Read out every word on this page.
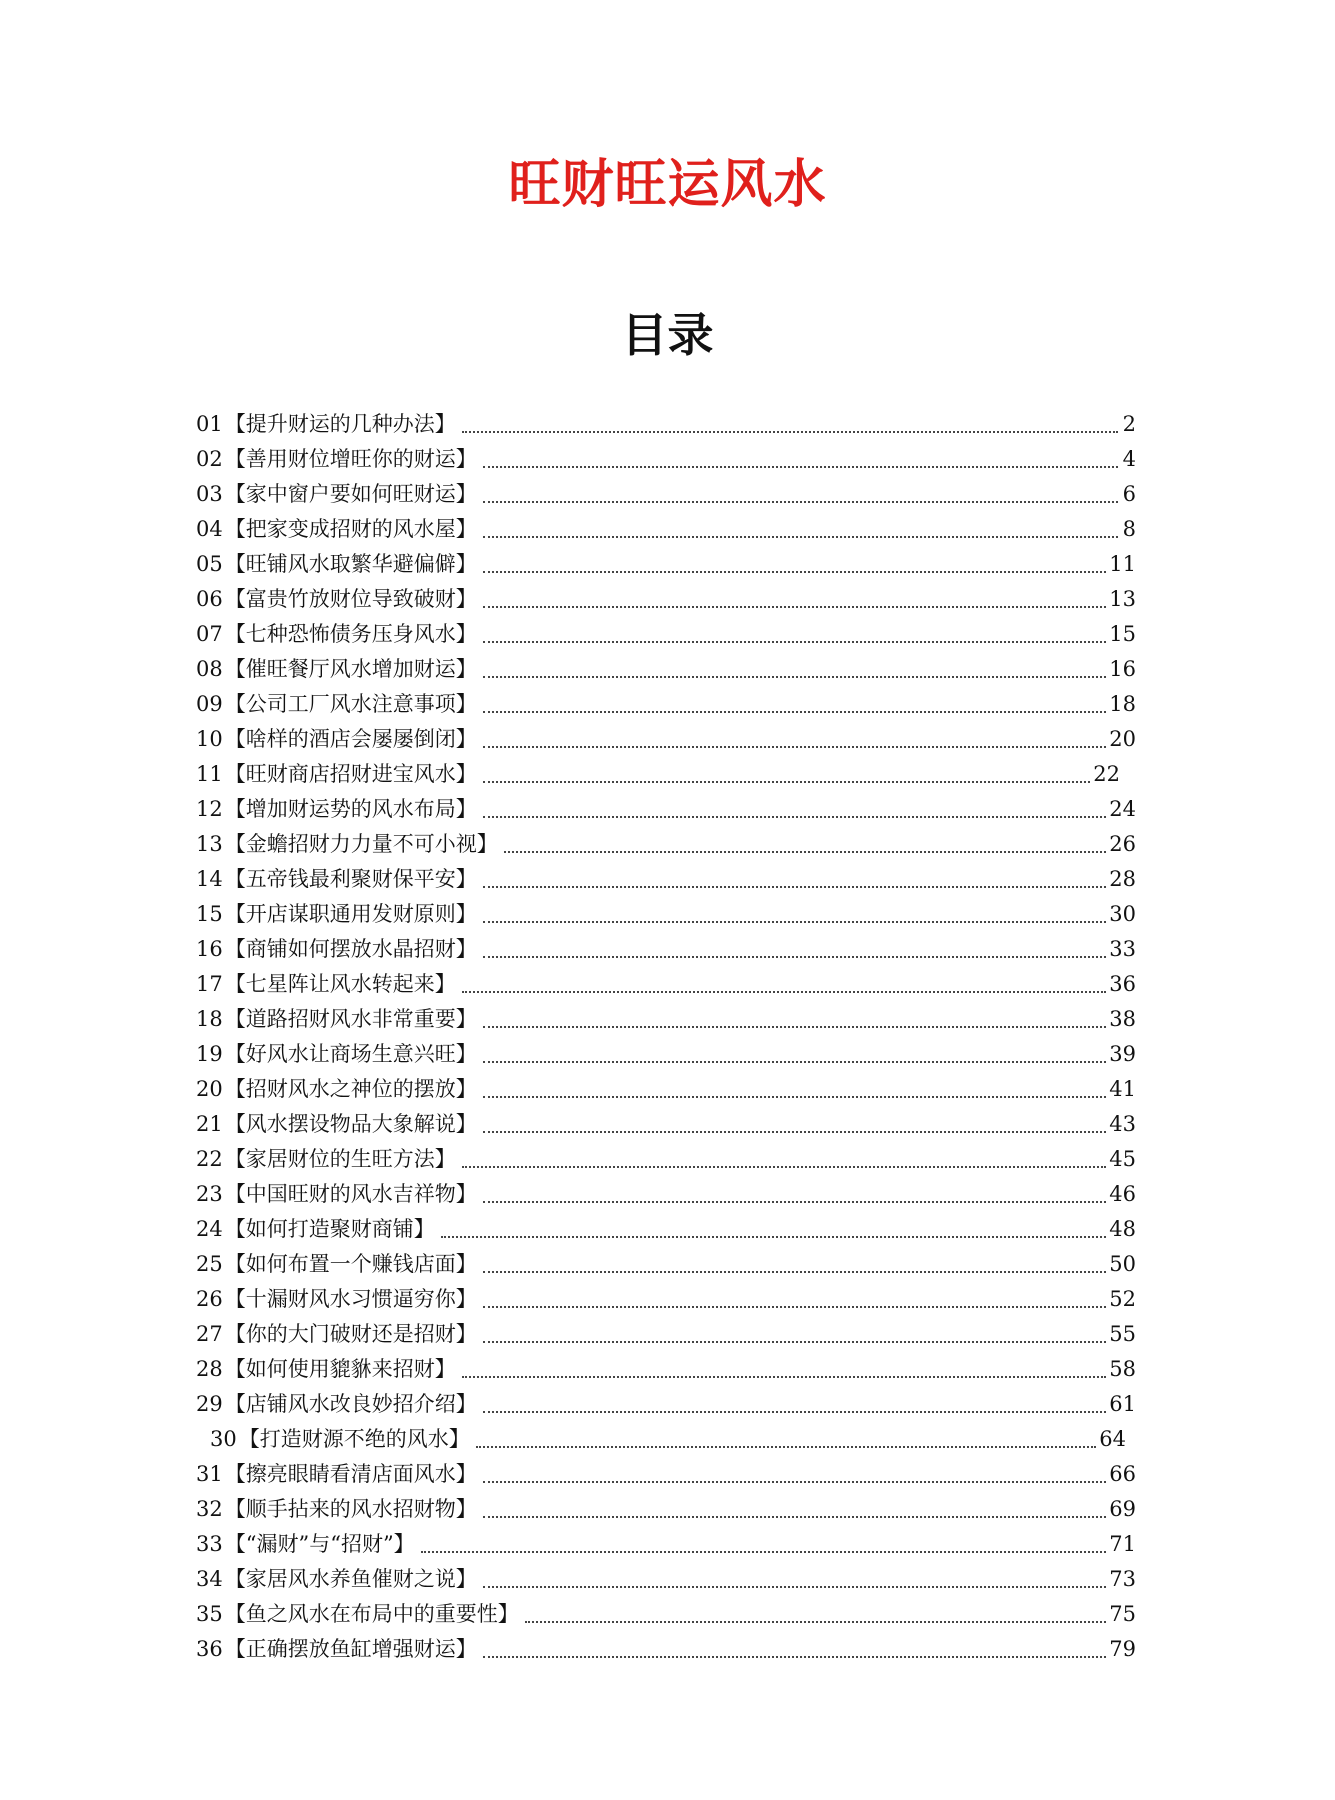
旺财旺运风水
目录
01 【提升财运的几种办法】	2
02 【善用财位增旺你的财运】	4
03 【家中窗户要如何旺财运】	6
04 【把家变成招财的风水屋】	8
05 【旺铺风水取繁华避偏僻】	11
06 【富贵竹放财位导致破财】	13
07 【七种恐怖债务压身风水】	15
08 【催旺餐厅风水增加财运】	16
09 【公司工厂风水注意事项】	18
10 【啥样的酒店会屡屡倒闭】	20
11 【旺财商店招财进宝风水】	22
12 【增加财运势的风水布局】	24
13 【金蟾招财力力量不可小视】	26
14 【五帝钱最利聚财保平安】	28
15 【开店谋职通用发财原则】	30
16 【商铺如何摆放水晶招财】	33
17 【七星阵让风水转起来】	36
18 【道路招财风水非常重要】	38
19 【好风水让商场生意兴旺】	39
20 【招财风水之神位的摆放】	41
21 【风水摆设物品大象解说】	43
22 【家居财位的生旺方法】	45
23 【中国旺财的风水吉祥物】	46
24 【如何打造聚财商铺】	48
25 【如何布置一个赚钱店面】	50
26 【十漏财风水习惯逼穷你】	52
27 【你的大门破财还是招财】	55
28 【如何使用貔貅来招财】	58
29 【店铺风水改良妙招介绍】	61
30 【打造财源不绝的风水】	64
31 【擦亮眼睛看清店面风水】	66
32 【顺手拈来的风水招财物】	69
33 【“漏财”与“招财”】	71
34 【家居风水养鱼催财之说】	73
35 【鱼之风水在布局中的重要性】	75
36 【正确摆放鱼缸增强财运】	79
